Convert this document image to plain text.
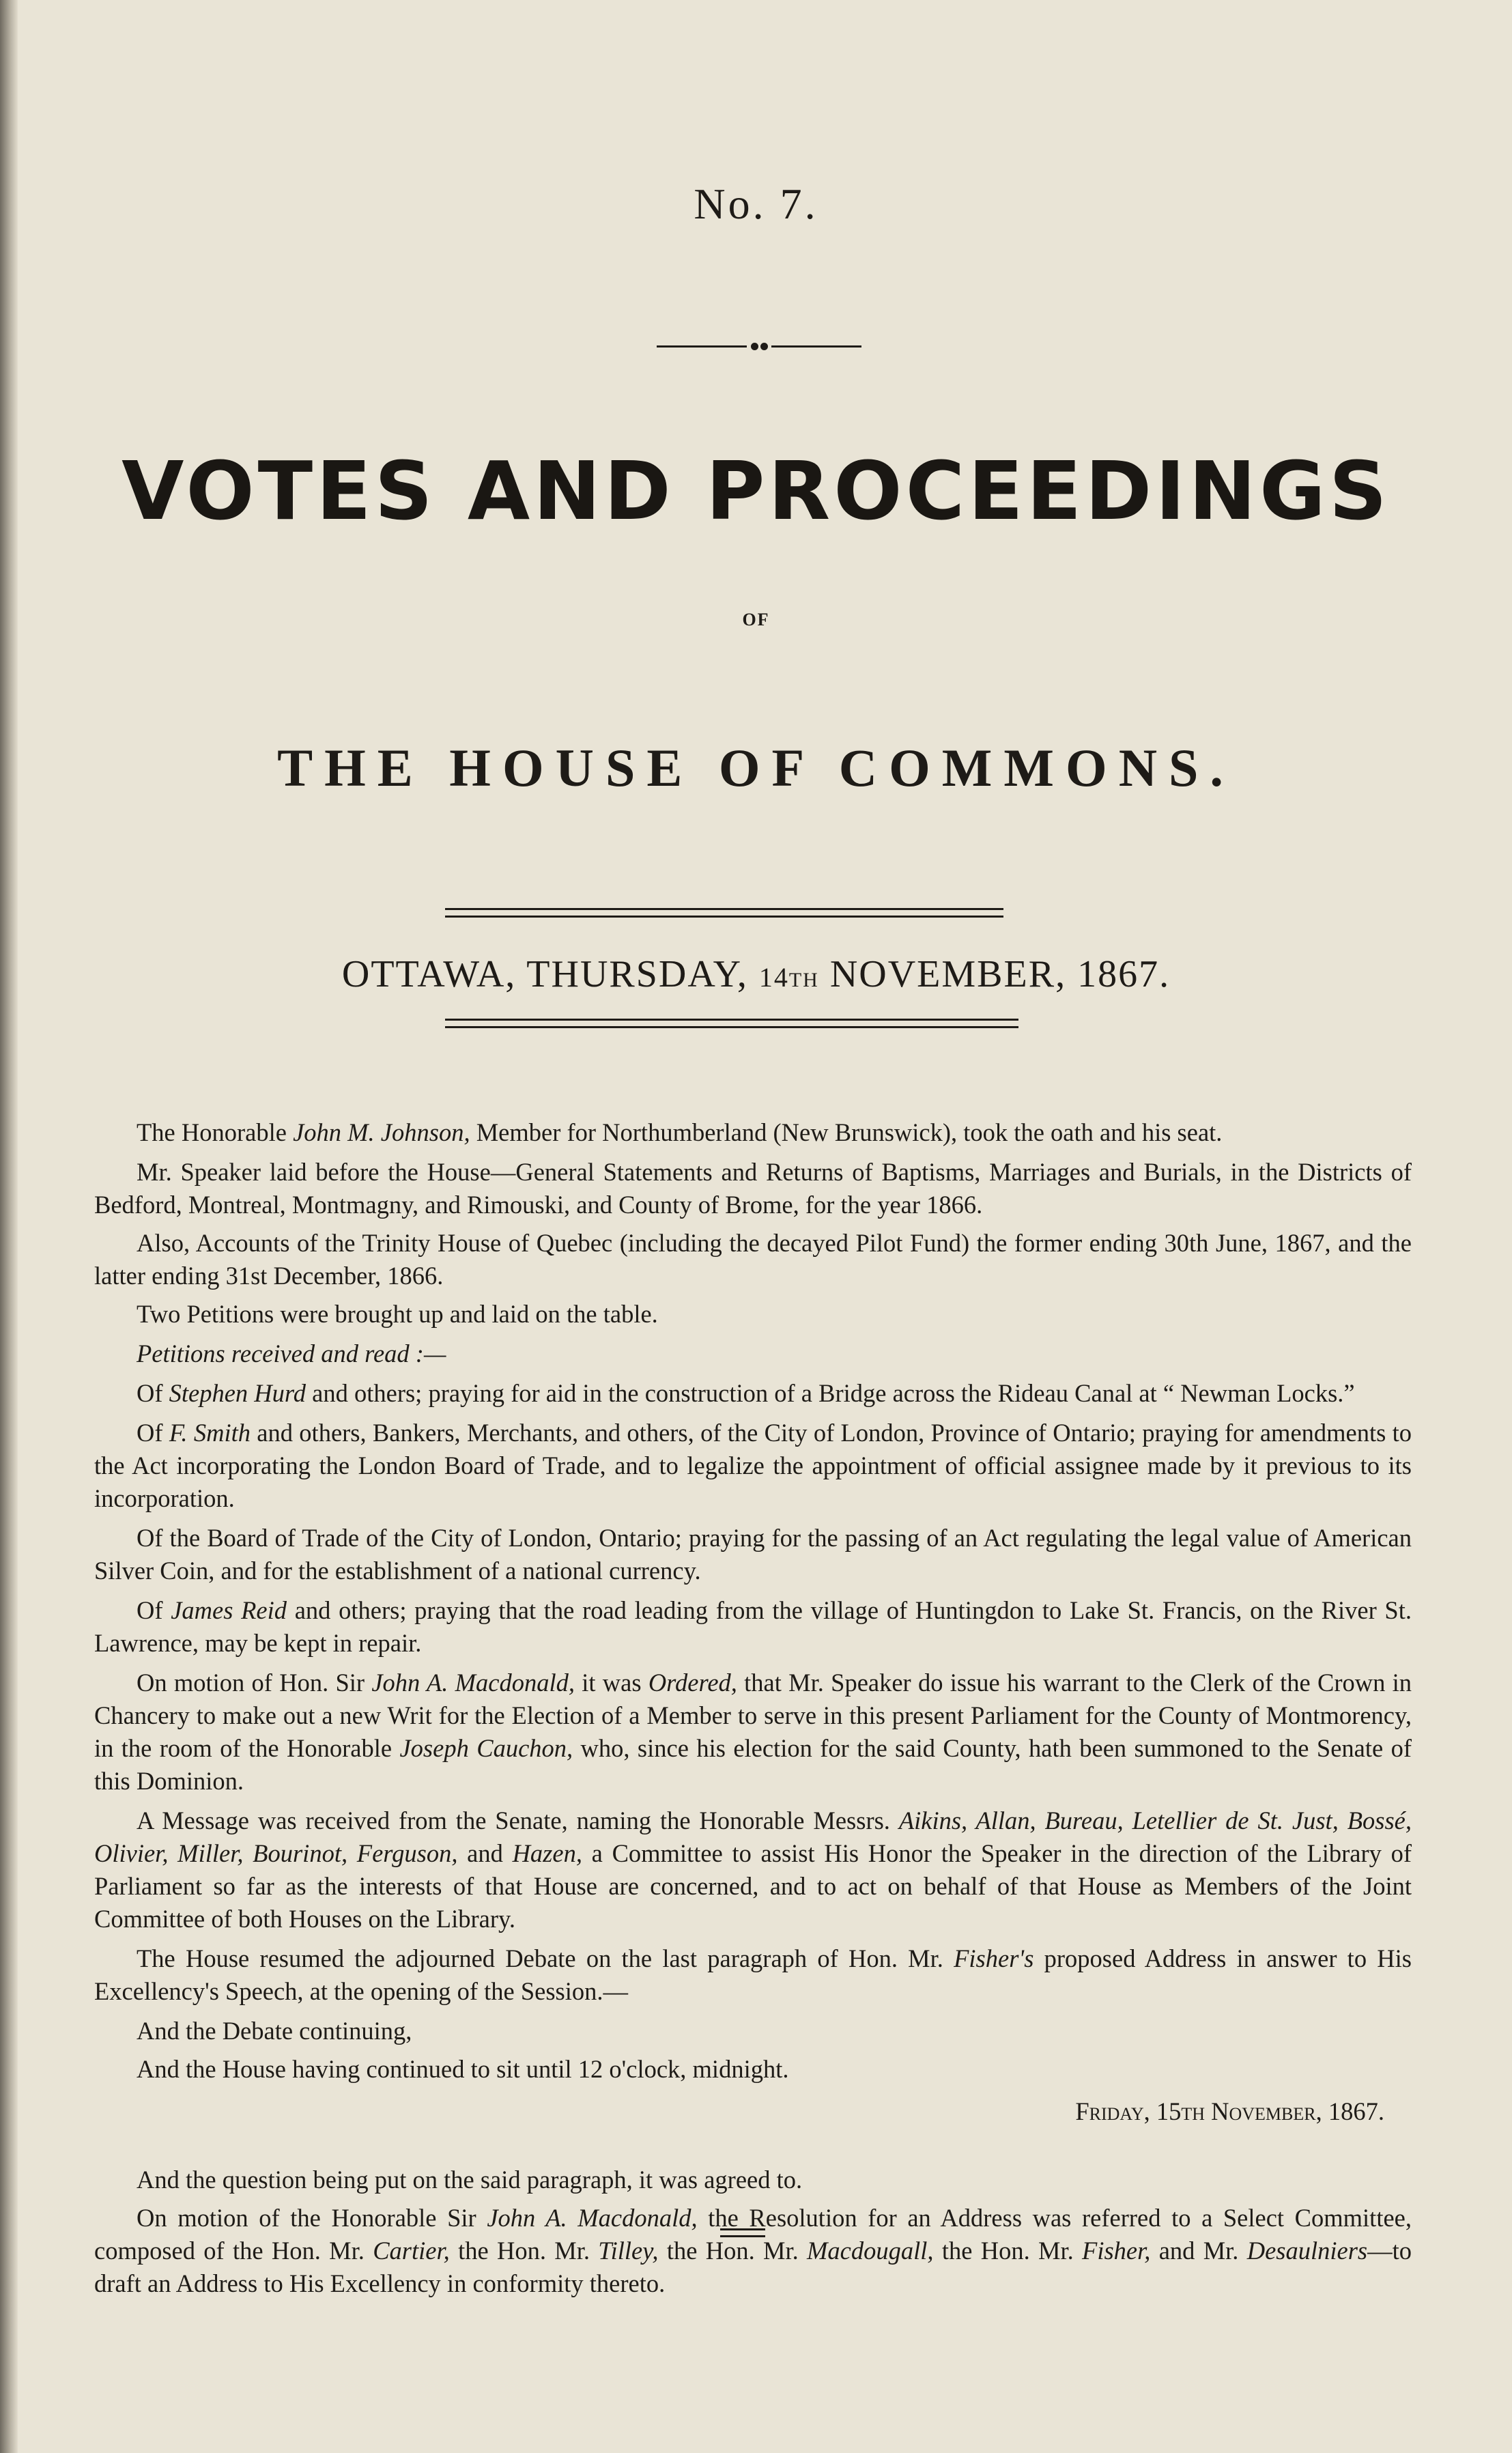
No. 7.
VOTES AND PROCEEDINGS
OF
THE HOUSE OF COMMONS.
OTTAWA, THURSDAY, 14TH NOVEMBER, 1867.

The Honorable John M. Johnson, Member for Northumberland (New Brunswick), took the oath and his seat.

Mr. Speaker laid before the House—General Statements and Returns of Baptisms, Marriages and Burials, in the Districts of Bedford, Montreal, Montmagny, and Rimouski, and County of Brome, for the year 1866.

Also, Accounts of the Trinity House of Quebec (including the decayed Pilot Fund) the former ending 30th June, 1867, and the latter ending 31st December, 1866.

Two Petitions were brought up and laid on the table.

Petitions received and read :—

Of Stephen Hurd and others; praying for aid in the construction of a Bridge across the Rideau Canal at “ Newman Locks.”

Of F. Smith and others, Bankers, Merchants, and others, of the City of London, Province of Ontario; praying for amendments to the Act incorporating the London Board of Trade, and to legalize the appointment of official assignee made by it previous to its incorporation.

Of the Board of Trade of the City of London, Ontario; praying for the passing of an Act regulating the legal value of American Silver Coin, and for the establishment of a national currency.

Of James Reid and others; praying that the road leading from the village of Huntingdon to Lake St. Francis, on the River St. Lawrence, may be kept in repair.

On motion of Hon. Sir John A. Macdonald, it was Ordered, that Mr. Speaker do issue his warrant to the Clerk of the Crown in Chancery to make out a new Writ for the Election of a Member to serve in this present Parliament for the County of Montmorency, in the room of the Honorable Joseph Cauchon, who, since his election for the said County, hath been summoned to the Senate of this Dominion.

A Message was received from the Senate, naming the Honorable Messrs. Aikins, Allan, Bureau, Letellier de St. Just, Bossé, Olivier, Miller, Bourinot, Ferguson, and Hazen, a Committee to assist His Honor the Speaker in the direction of the Library of Parliament so far as the interests of that House are concerned, and to act on behalf of that House as Members of the Joint Committee of both Houses on the Library.

The House resumed the adjourned Debate on the last paragraph of Hon. Mr. Fisher's proposed Address in answer to His Excellency's Speech, at the opening of the Session.—

And the Debate continuing,

And the House having continued to sit until 12 o'clock, midnight.

Friday, 15th November, 1867.

And the question being put on the said paragraph, it was agreed to.

On motion of the Honorable Sir John A. Macdonald, the Resolution for an Address was referred to a Select Committee, composed of the Hon. Mr. Cartier, the Hon. Mr. Tilley, the Hon. Mr. Macdougall, the Hon. Mr. Fisher, and Mr. Desaulniers—to draft an Address to His Excellency in conformity thereto.
